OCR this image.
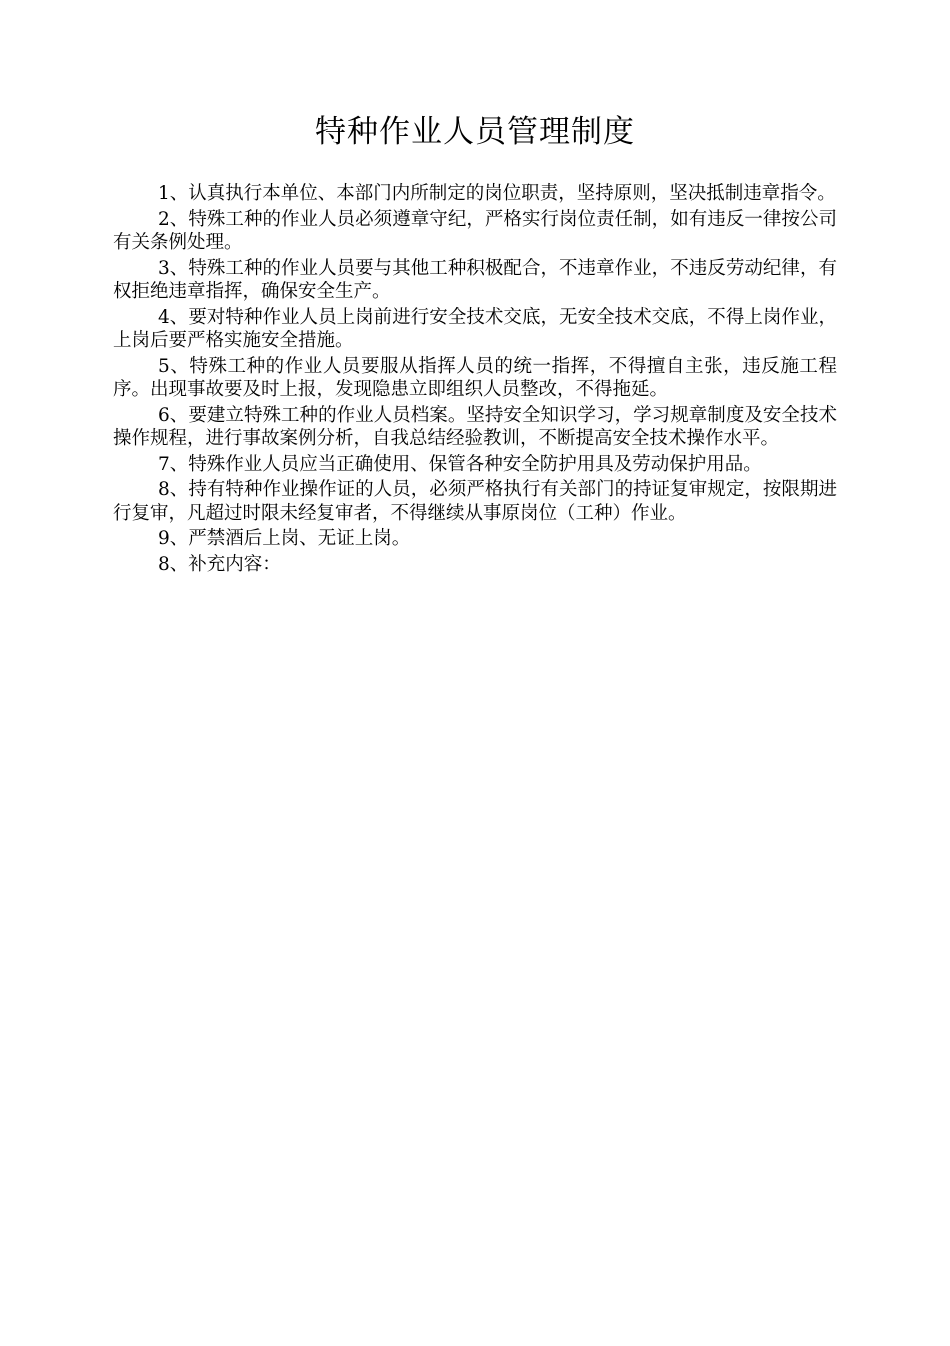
特种作业人员管理制度

1、认真执行本单位、本部门内所制定的岗位职责，坚持原则，坚决抵制违章指令。

2、特殊工种的作业人员必须遵章守纪，严格实行岗位责任制，如有违反一律按公司有关条例处理。

3、特殊工种的作业人员要与其他工种积极配合，不违章作业，不违反劳动纪律，有权拒绝违章指挥，确保安全生产。

4、要对特种作业人员上岗前进行安全技术交底，无安全技术交底，不得上岗作业，上岗后要严格实施安全措施。

5、特殊工种的作业人员要服从指挥人员的统一指挥，不得擅自主张，违反施工程序。出现事故要及时上报，发现隐患立即组织人员整改，不得拖延。

6、要建立特殊工种的作业人员档案。坚持安全知识学习，学习规章制度及安全技术操作规程，进行事故案例分析，自我总结经验教训，不断提高安全技术操作水平。

7、特殊作业人员应当正确使用、保管各种安全防护用具及劳动保护用品。

8、持有特种作业操作证的人员，必须严格执行有关部门的持证复审规定，按限期进行复审，凡超过时限未经复审者，不得继续从事原岗位（工种）作业。

9、严禁酒后上岗、无证上岗。

8、补充内容：
